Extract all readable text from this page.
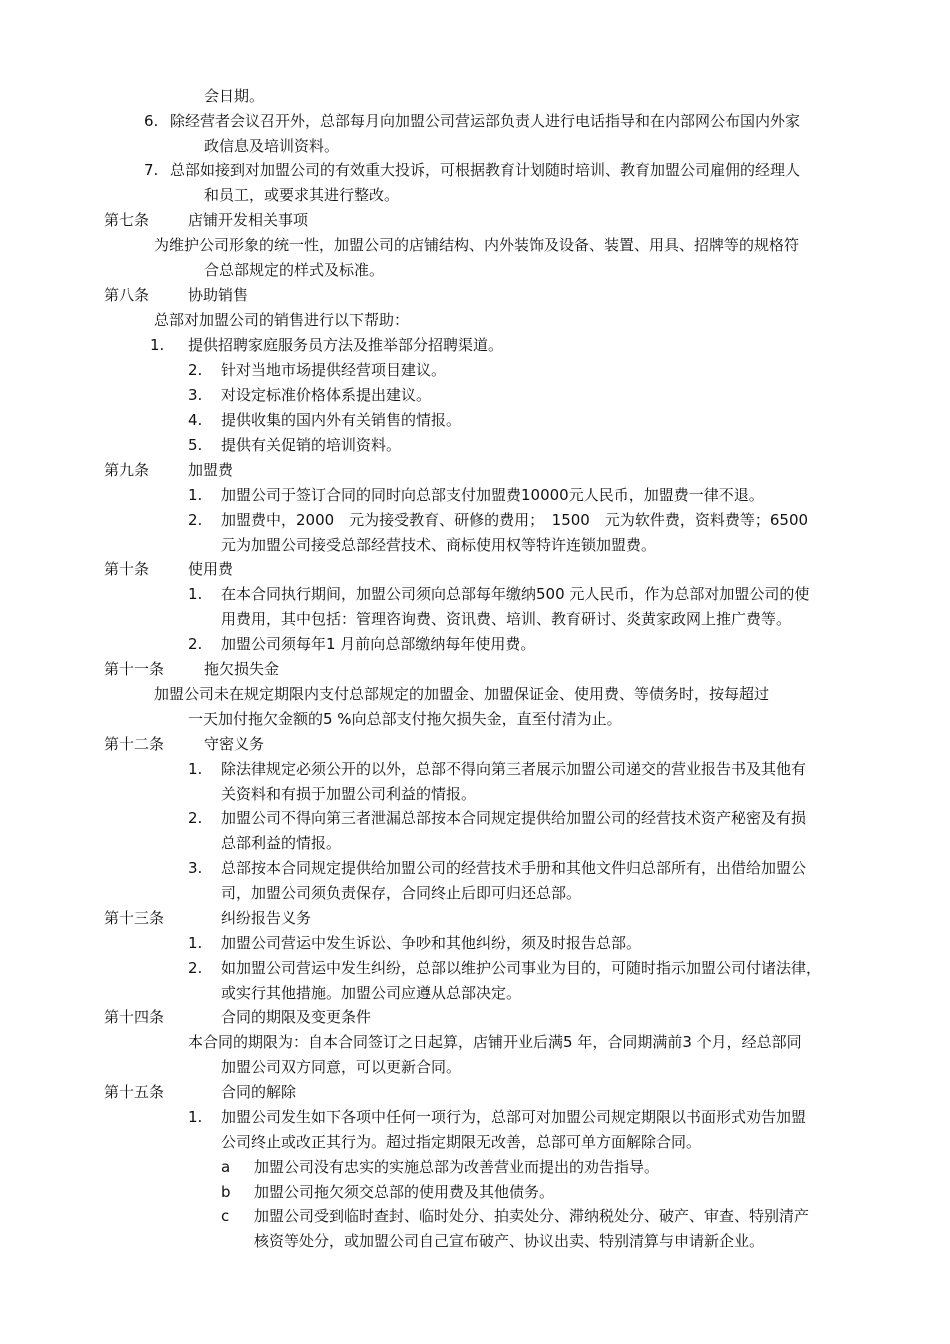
会日期。
6. 除经营者会议召开外，总部每月向加盟公司营运部负责人进行电话指导和在内部网公布国内外家
政信息及培训资料。
7. 总部如接到对加盟公司的有效重大投诉，可根据教育计划随时培训、教育加盟公司雇佣的经理人
和员工，或要求其进行整改。
第七条	店铺开发相关事项
为维护公司形象的统一性，加盟公司的店铺结构、内外装饰及设备、装置、用具、招牌等的规格符
合总部规定的样式及标准。
第八条	协助销售
总部对加盟公司的销售进行以下帮助：
1. 提供招聘家庭服务员方法及推举部分招聘渠道。
2. 针对当地市场提供经营项目建议。
3. 对设定标准价格体系提出建议。
4. 提供收集的国内外有关销售的情报。
5. 提供有关促销的培训资料。
第九条	加盟费
1. 加盟公司于签订合同的同时向总部支付加盟费10000元人民币，加盟费一律不退。
2. 加盟费中，2000　元为接受教育、研修的费用；　1500　元为软件费，资料费等；6500
元为加盟公司接受总部经营技术、商标使用权等特许连锁加盟费。
第十条	使用费
1. 在本合同执行期间，加盟公司须向总部每年缴纳500 元人民币，作为总部对加盟公司的使
用费用，其中包括：管理咨询费、资讯费、培训、教育研讨、炎黄家政网上推广费等。
2. 加盟公司须每年1 月前向总部缴纳每年使用费。
第十一条	拖欠损失金
加盟公司未在规定期限内支付总部规定的加盟金、加盟保证金、使用费、等债务时，按每超过
一天加付拖欠金额的5 %向总部支付拖欠损失金，直至付清为止。
第十二条	守密义务
1. 除法律规定必须公开的以外，总部不得向第三者展示加盟公司递交的营业报告书及其他有
关资料和有损于加盟公司利益的情报。
2. 加盟公司不得向第三者泄漏总部按本合同规定提供给加盟公司的经营技术资产秘密及有损
总部利益的情报。
3. 总部按本合同规定提供给加盟公司的经营技术手册和其他文件归总部所有，出借给加盟公
司，加盟公司须负责保存，合同终止后即可归还总部。
第十三条	纠纷报告义务
1. 加盟公司营运中发生诉讼、争吵和其他纠纷，须及时报告总部。
2. 如加盟公司营运中发生纠纷，总部以维护公司事业为目的，可随时指示加盟公司付诸法律，
或实行其他措施。加盟公司应遵从总部决定。
第十四条	合同的期限及变更条件
本合同的期限为：自本合同签订之日起算，店铺开业后满5 年，合同期满前3 个月，经总部同
加盟公司双方同意，可以更新合同。
第十五条	合同的解除
1. 加盟公司发生如下各项中任何一项行为，总部可对加盟公司规定期限以书面形式劝告加盟
公司终止或改正其行为。超过指定期限无改善，总部可单方面解除合同。
a 加盟公司没有忠实的实施总部为改善营业而提出的劝告指导。
b 加盟公司拖欠须交总部的使用费及其他债务。
c 加盟公司受到临时查封、临时处分、拍卖处分、滞纳税处分、破产、审查、特别清产
核资等处分，或加盟公司自己宣布破产、协议出卖、特别清算与申请新企业。
